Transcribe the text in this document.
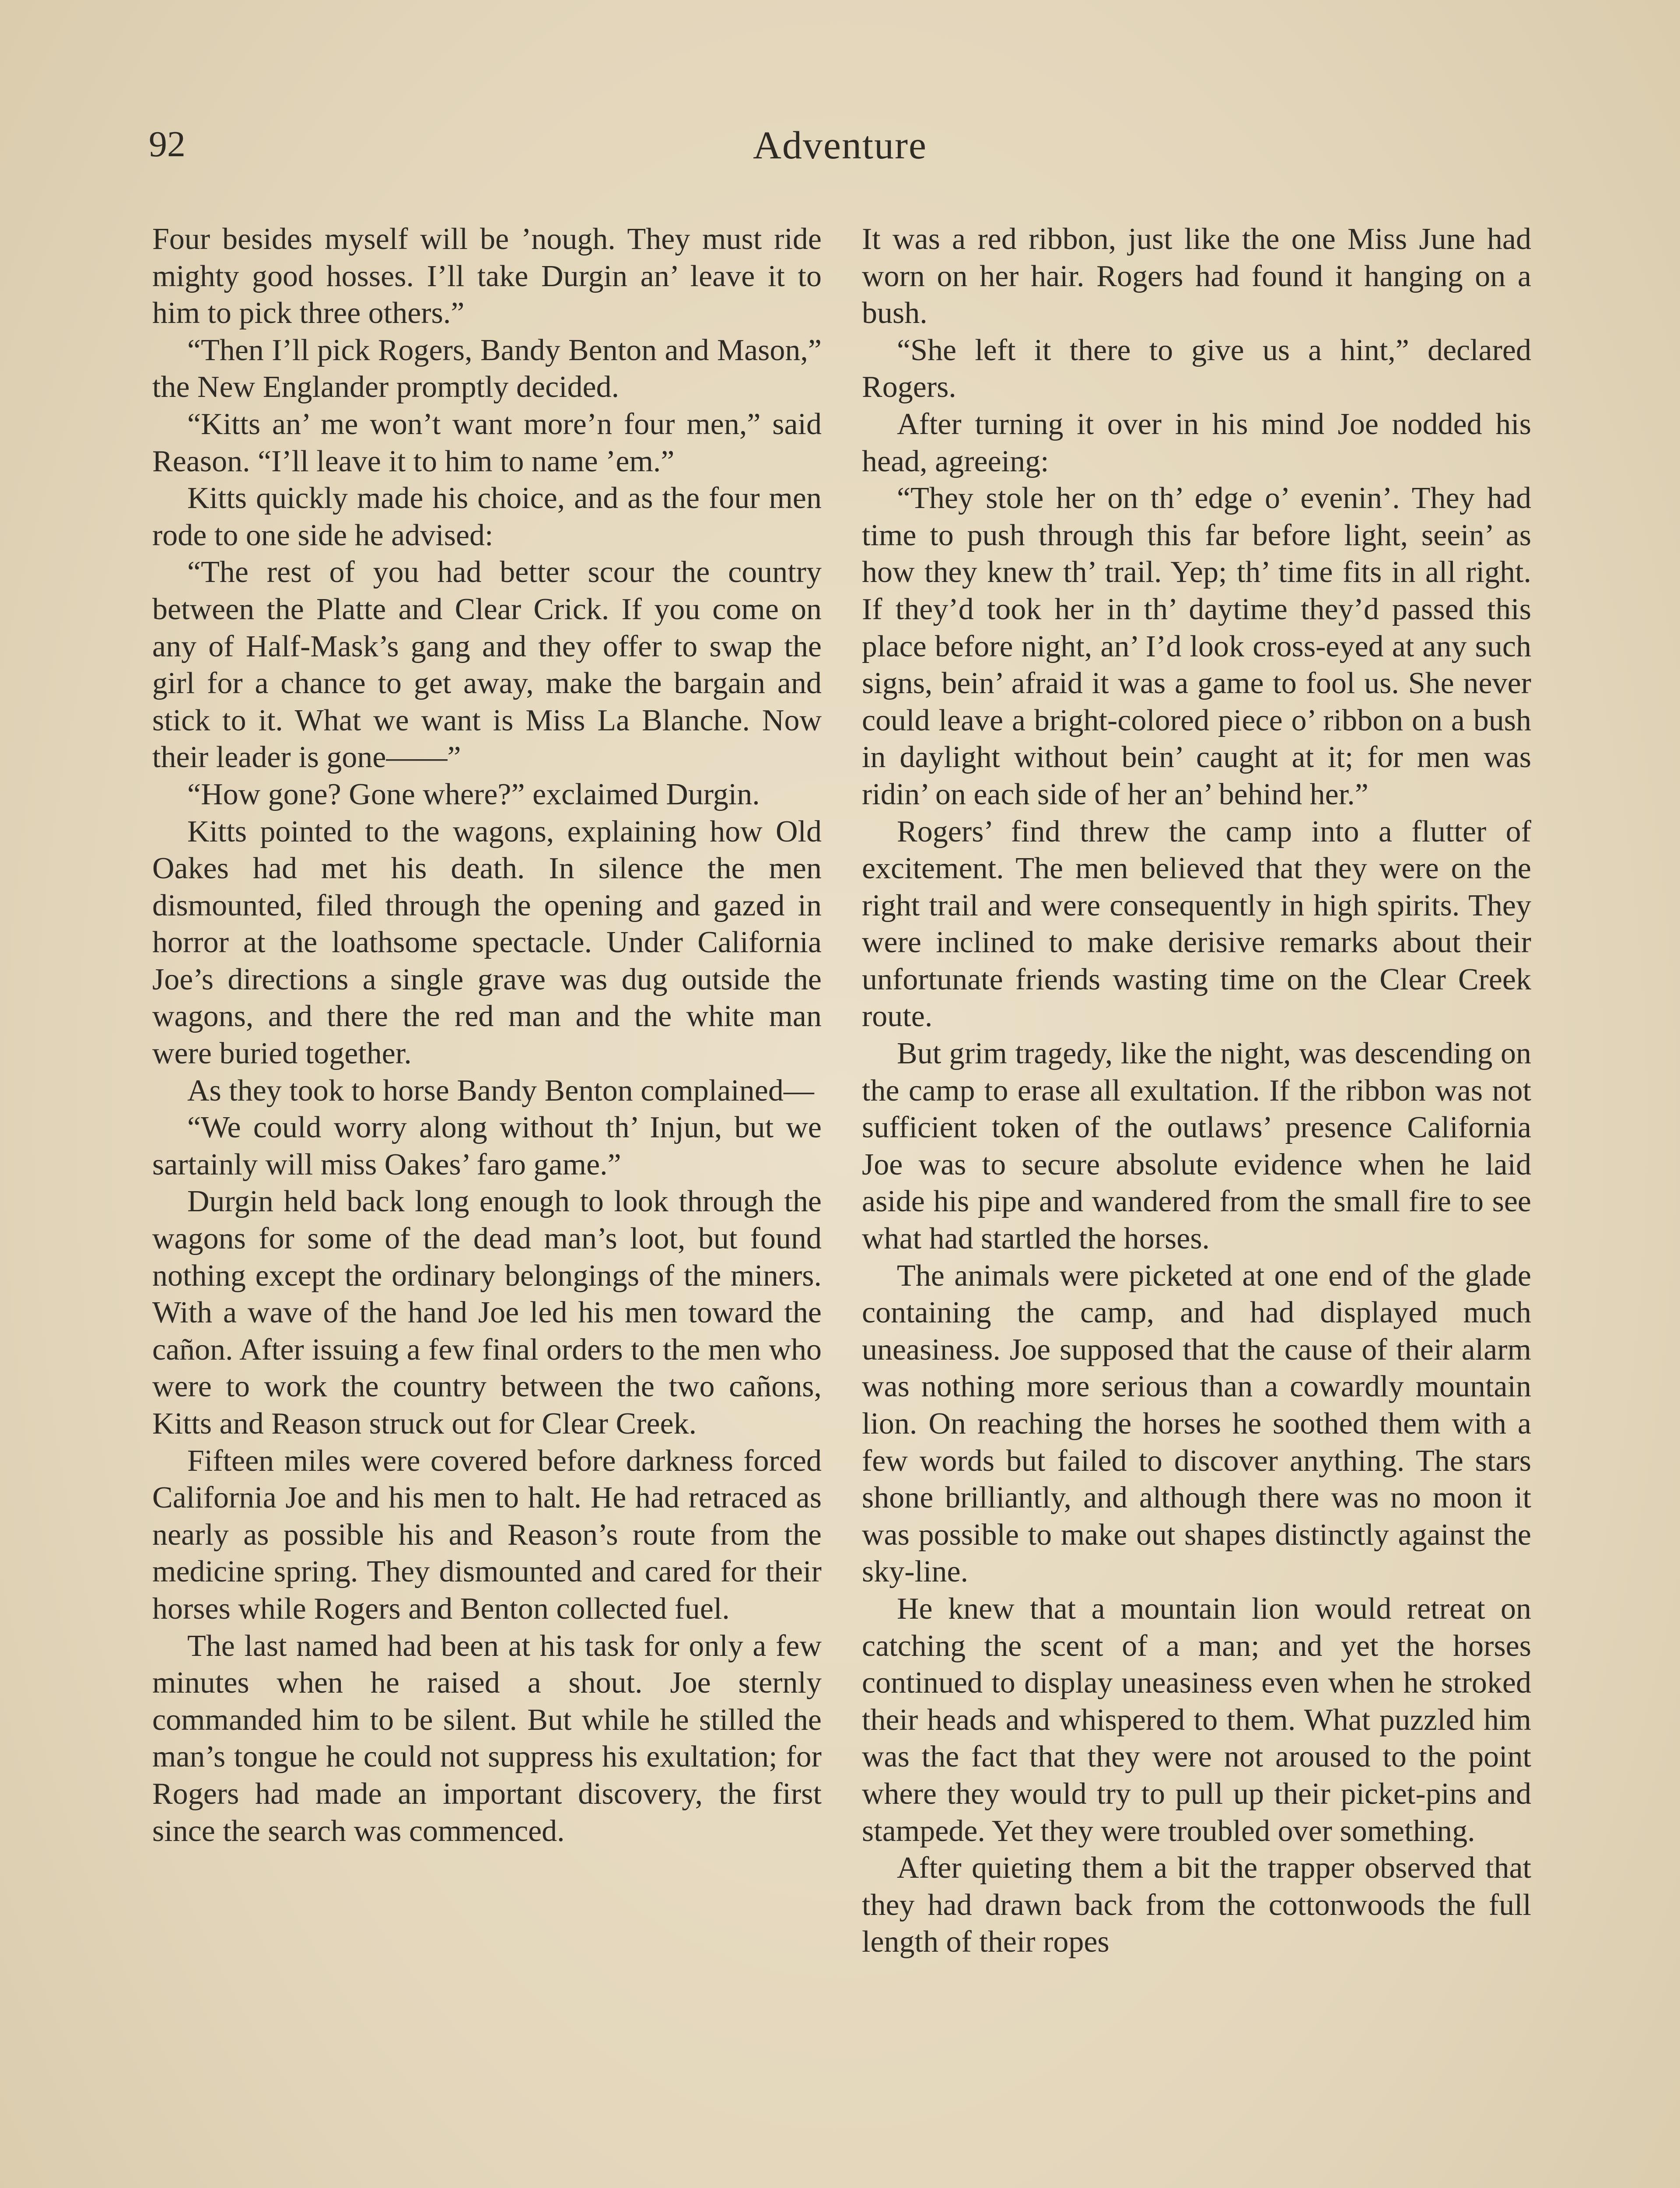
92	Adventure

Four besides myself will be ’nough. They must ride mighty good hosses. I’ll take Durgin an’ leave it to him to pick three others.”

“Then I’ll pick Rogers, Bandy Benton and Mason,” the New Englander promptly decided.

“Kitts an’ me won’t want more’n four men,” said Reason. “I’ll leave it to him to name ’em.”

Kitts quickly made his choice, and as the four men rode to one side he advised:

“The rest of you had better scour the country between the Platte and Clear Crick. If you come on any of Half-Mask’s gang and they offer to swap the girl for a chance to get away, make the bargain and stick to it. What we want is Miss La Blanche. Now their leader is gone——”

“How gone? Gone where?” exclaimed Durgin.

Kitts pointed to the wagons, explaining how Old Oakes had met his death. In silence the men dismounted, filed through the opening and gazed in horror at the loathsome spectacle. Under California Joe’s directions a single grave was dug outside the wagons, and there the red man and the white man were buried together.

As they took to horse Bandy Benton complained—

“We could worry along without th’ Injun, but we sartainly will miss Oakes’ faro game.”

Durgin held back long enough to look through the wagons for some of the dead man’s loot, but found nothing except the ordinary belongings of the miners. With a wave of the hand Joe led his men toward the cañon. After issuing a few final orders to the men who were to work the country between the two cañons, Kitts and Reason struck out for Clear Creek.

Fifteen miles were covered before darkness forced California Joe and his men to halt. He had retraced as nearly as possible his and Reason’s route from the medicine spring. They dismounted and cared for their horses while Rogers and Benton collected fuel.

The last named had been at his task for only a few minutes when he raised a shout. Joe sternly commanded him to be silent. But while he stilled the man’s tongue he could not suppress his exultation; for Rogers had made an important discovery, the first since the search was commenced.

It was a red ribbon, just like the one Miss June had worn on her hair. Rogers had found it hanging on a bush.

“She left it there to give us a hint,” declared Rogers.

After turning it over in his mind Joe nodded his head, agreeing:

“They stole her on th’ edge o’ evenin’. They had time to push through this far before light, seein’ as how they knew th’ trail. Yep; th’ time fits in all right. If they’d took her in th’ daytime they’d passed this place before night, an’ I’d look cross-eyed at any such signs, bein’ afraid it was a game to fool us. She never could leave a bright-colored piece o’ ribbon on a bush in daylight without bein’ caught at it; for men was ridin’ on each side of her an’ behind her.”

Rogers’ find threw the camp into a flutter of excitement. The men believed that they were on the right trail and were consequently in high spirits. They were inclined to make derisive remarks about their unfortunate friends wasting time on the Clear Creek route.

But grim tragedy, like the night, was descending on the camp to erase all exultation. If the ribbon was not sufficient token of the outlaws’ presence California Joe was to secure absolute evidence when he laid aside his pipe and wandered from the small fire to see what had startled the horses.

The animals were picketed at one end of the glade containing the camp, and had displayed much uneasiness. Joe supposed that the cause of their alarm was nothing more serious than a cowardly mountain lion. On reaching the horses he soothed them with a few words but failed to discover anything. The stars shone brilliantly, and although there was no moon it was possible to make out shapes distinctly against the sky-line.

He knew that a mountain lion would retreat on catching the scent of a man; and yet the horses continued to display uneasiness even when he stroked their heads and whispered to them. What puzzled him was the fact that they were not aroused to the point where they would try to pull up their picket-pins and stampede. Yet they were troubled over something.

After quieting them a bit the trapper observed that they had drawn back from the cottonwoods the full length of their ropes
